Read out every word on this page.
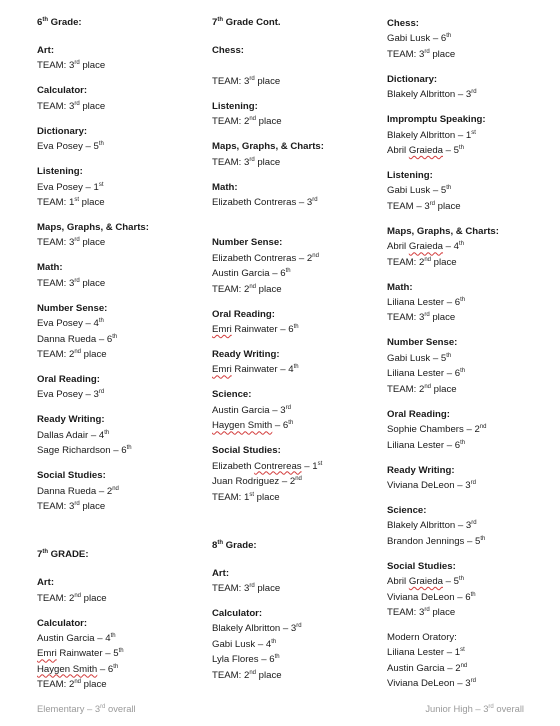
6th Grade:
Art:
TEAM: 3rd place
Calculator:
TEAM: 3rd place
Dictionary:
Eva Posey – 5th
Listening:
Eva Posey – 1st
TEAM: 1st place
Maps, Graphs, & Charts:
TEAM: 3rd place
Math:
TEAM: 3rd place
Number Sense:
Eva Posey – 4th
Danna Rueda – 6th
TEAM: 2nd place
Oral Reading:
Eva Posey – 3rd
Ready Writing:
Dallas Adair – 4th
Sage Richardson – 6th
Social Studies:
Danna Rueda – 2nd
TEAM: 3rd place
7th GRADE:
Art:
TEAM: 2nd place
Calculator:
Austin Garcia – 4th
Emri Rainwater – 5th
Haygen Smith – 6th
TEAM: 2nd place
7th Grade Cont.
Chess:

TEAM: 3rd place
Listening:
TEAM: 2nd place
Maps, Graphs, & Charts:
TEAM: 3rd place
Math:
Elizabeth Contreras – 3rd

Number Sense:
Elizabeth Contreras – 2nd
Austin Garcia – 6th
TEAM: 2nd place
Oral Reading:
Emri Rainwater – 6th
Ready Writing:
Emri Rainwater – 4th
Science:
Austin Garcia – 3rd
Haygen Smith – 6th
Social Studies:
Elizabeth Contrereas – 1st
Juan Rodriguez – 2nd
TEAM: 1st place
8th Grade:
Art:
TEAM: 3rd place
Calculator:
Blakely Albritton – 3rd
Gabi Lusk – 4th
Lyla Flores – 6th
TEAM: 2nd place
Chess:
Gabi Lusk – 6th
TEAM: 3rd place
Dictionary:
Blakely Albritton – 3rd
Impromptu Speaking:
Blakely Albritton – 1st
Abril Graieda – 5th
Listening:
Gabi Lusk – 5th
TEAM – 3rd place
Maps, Graphs, & Charts:
Abril Graieda – 4th
TEAM: 2nd place
Math:
Liliana Lester – 6th
TEAM: 3rd place
Number Sense:
Gabi Lusk – 5th
Liliana Lester – 6th
TEAM: 2nd place
Oral Reading:
Sophie Chambers – 2nd
Liliana Lester – 6th
Ready Writing:
Viviana DeLeon – 3rd
Science:
Blakely Albritton – 3rd
Brandon Jennings – 5th
Social Studies:
Abril Graieda – 5th
Viviana DeLeon – 6th
TEAM: 3rd place
Modern Oratory:
Liliana Lester – 1st
Austin Garcia – 2nd
Viviana DeLeon – 3rd
Elementary – 3rd overall	Junior High – 3rd overall
